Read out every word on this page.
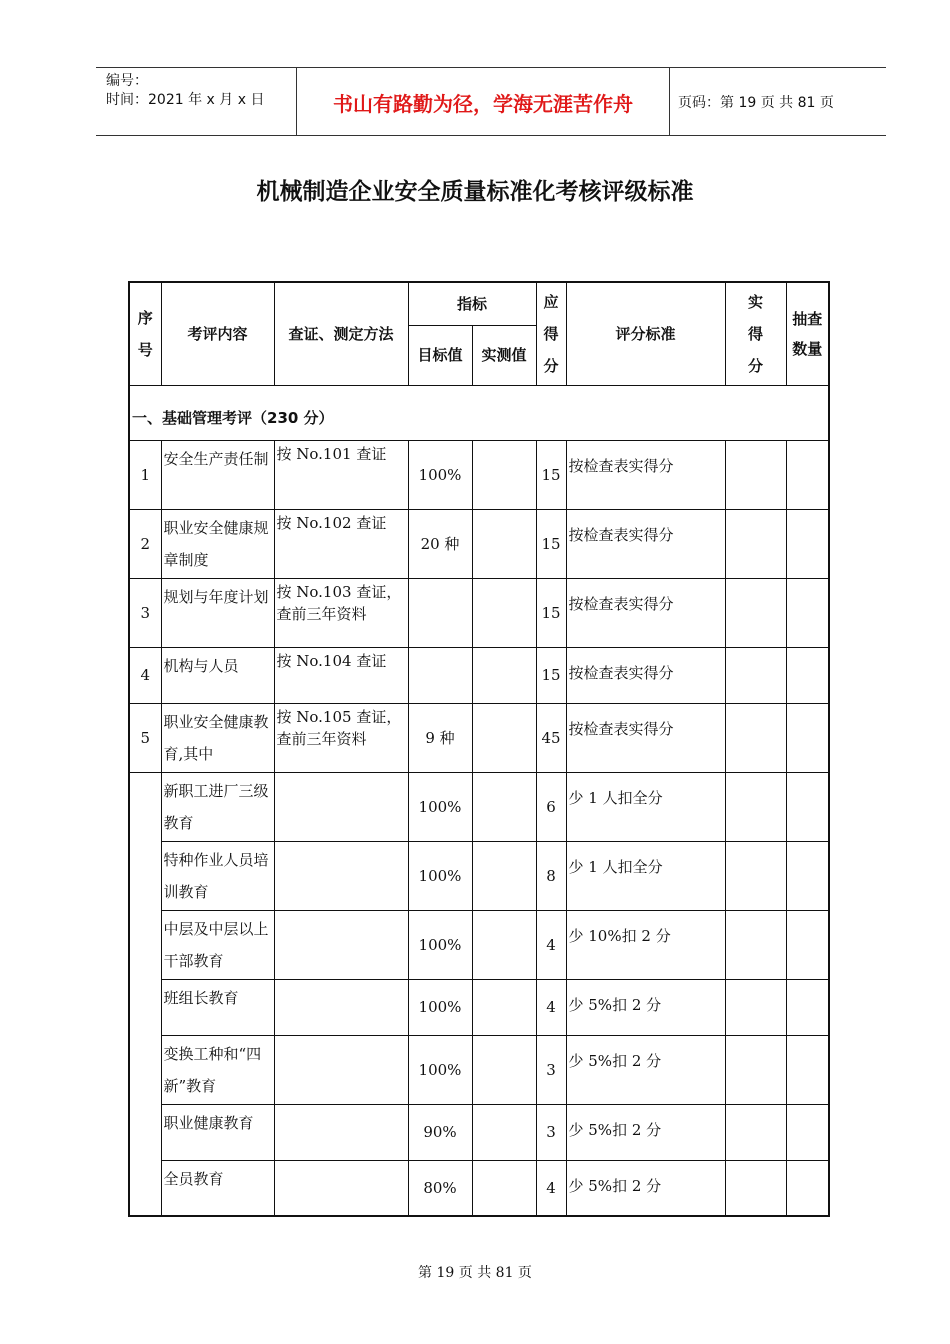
编号：
时间：2021 年 x 月 x 日	书山有路勤为径，学海无涯苦作舟	页码：第 19 页 共 81 页
机械制造企业安全质量标准化考核评级标准
序号	考评内容	查证、测定方法	指标		应得分	评分标准	实得分	抽查数量
			目标值	实测值				
一、基础管理考评（230 分）								
1	安全生产责任制	按 No.101 查证	100%		15	按检查表实得分		
2	职业安全健康规章制度	按 No.102 查证	20 种		15	按检查表实得分		
3	规划与年度计划	按 No.103 查证，查前三年资料			15	按检查表实得分		
4	机构与人员	按 No.104 查证			15	按检查表实得分		
5	职业安全健康教育,其中	按 No.105 查证，查前三年资料	9 种		45	按检查表实得分		
	新职工进厂三级教育		100%		6	少 1 人扣全分		
	特种作业人员培训教育		100%		8	少 1 人扣全分		
	中层及中层以上干部教育		100%		4	少 10%扣 2 分		
	班组长教育		100%		4	少 5%扣 2 分		
	变换工种和“四新”教育		100%		3	少 5%扣 2 分		
	职业健康教育		90%		3	少 5%扣 2 分		
	全员教育		80%		4	少 5%扣 2 分		
第 19 页 共 81 页
